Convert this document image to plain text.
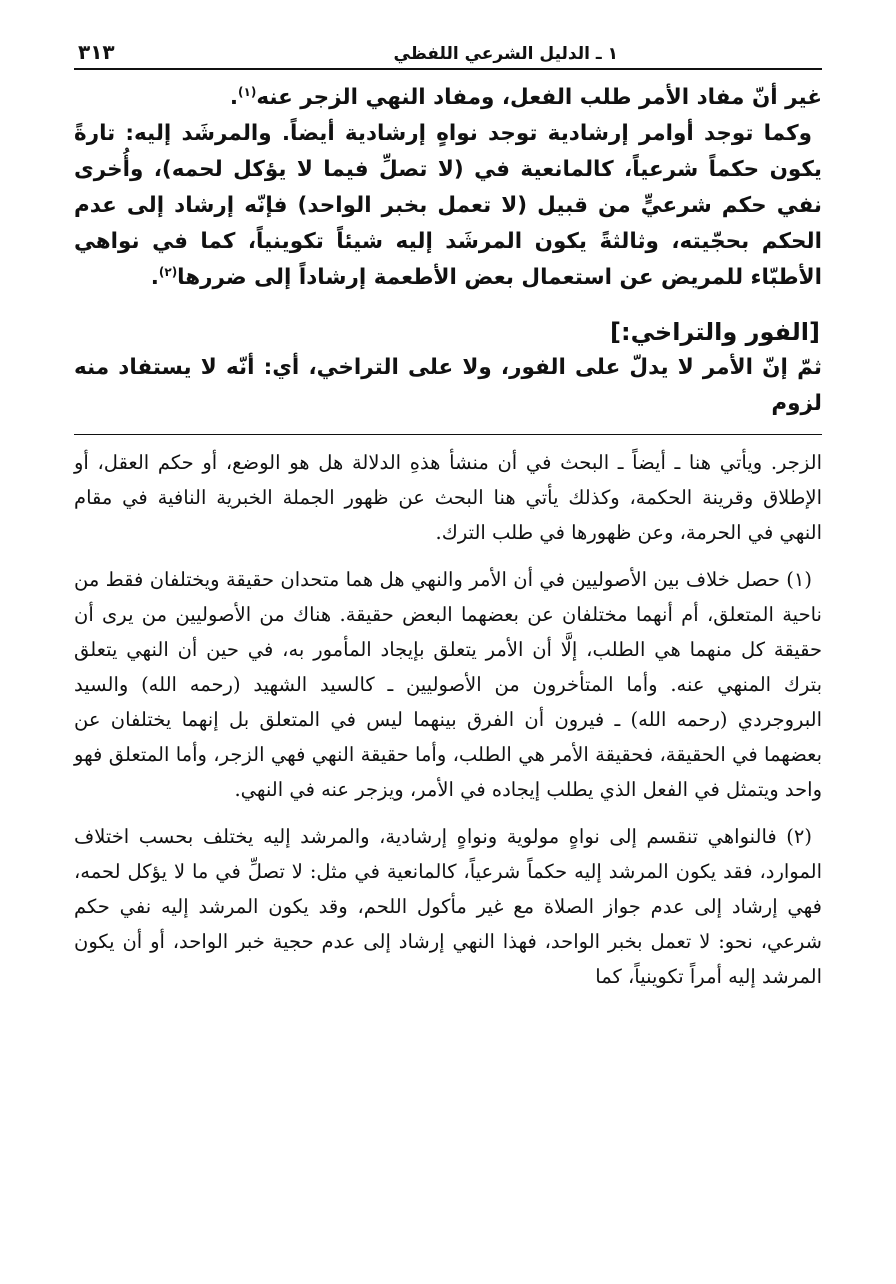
١ ـ الدليل الشرعي اللفظي
٣١٣

غير أنّ مفاد الأمر طلب الفعل، ومفاد النهي الزجر عنه$^{(١)}$.

وكما توجد أوامر إرشادية توجد نواهٍ إرشادية أيضاً. والمرشَد إليه: تارةً يكون حكماً شرعياً، كالمانعية في (لا تصلِّ فيما لا يؤكل لحمه)، وأُخرى نفي حكم شرعيٍّ من قبيل (لا تعمل بخبر الواحد) فإنّه إرشاد إلى عدم الحكم بحجّيته، وثالثةً يكون المرشَد إليه شيئاً تكوينياً، كما في نواهي الأطبّاء للمريض عن استعمال بعض الأطعمة إرشاداً إلى ضررها$^{(٢)}$.

[الفور والتراخي:]

ثمّ إنّ الأمر لا يدلّ على الفور، ولا على التراخي، أي: أنّه لا يستفاد منه لزوم

الزجر. ويأتي هنا ـ أيضاً ـ البحث في أن منشأ هذهِ الدلالة هل هو الوضع، أو حكم العقل، أو الإطلاق وقرينة الحكمة، وكذلك يأتي هنا البحث عن ظهور الجملة الخبرية النافية في مقام النهي في الحرمة، وعن ظهورها في طلب الترك.

(١) حصل خلاف بين الأصوليين في أن الأمر والنهي هل هما متحدان حقيقة ويختلفان فقط من ناحية المتعلق، أم أنهما مختلفان عن بعضهما البعض حقيقة. هناك من الأصوليين من يرى أن حقيقة كل منهما هي الطلب، إلَّا أن الأمر يتعلق بإيجاد المأمور به، في حين أن النهي يتعلق بترك المنهي عنه. وأما المتأخرون من الأصوليين ـ كالسيد الشهيد (رحمه الله) والسيد البروجردي (رحمه الله) ـ فيرون أن الفرق بينهما ليس في المتعلق بل إنهما يختلفان عن بعضهما في الحقيقة، فحقيقة الأمر هي الطلب، وأما حقيقة النهي فهي الزجر، وأما المتعلق فهو واحد ويتمثل في الفعل الذي يطلب إيجاده في الأمر، ويزجر عنه في النهي.

(٢) فالنواهي تنقسم إلى نواهٍ مولوية ونواهٍ إرشادية، والمرشد إليه يختلف بحسب اختلاف الموارد، فقد يكون المرشد إليه حكماً شرعياً، كالمانعية في مثل: لا تصلِّ في ما لا يؤكل لحمه، فهي إرشاد إلى عدم جواز الصلاة مع غير مأكول اللحم، وقد يكون المرشد إليه نفي حكم شرعي، نحو: لا تعمل بخبر الواحد، فهذا النهي إرشاد إلى عدم حجية خبر الواحد، أو أن يكون المرشد إليه أمراً تكوينياً، كما
